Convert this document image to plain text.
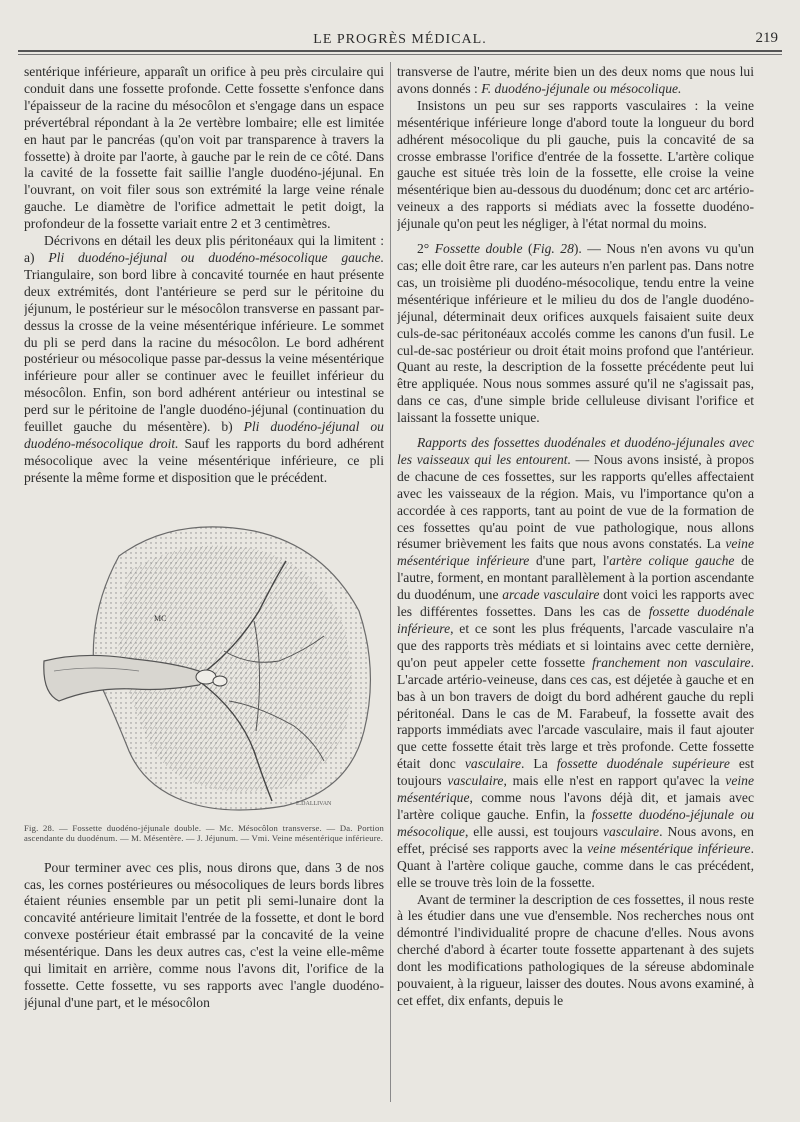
LE PROGRÈS MÉDICAL.	219

sentérique inférieure, apparaît un orifice à peu près circulaire qui conduit dans une fossette profonde. Cette fossette s'enfonce dans l'épaisseur de la racine du mésocôlon et s'engage dans un espace prévertébral répondant à la 2e vertèbre lombaire; elle est limitée en haut par le pancréas (qu'on voit par transparence à travers la fossette) à droite par l'aorte, à gauche par le rein de ce côté. Dans la cavité de la fossette fait saillie l'angle duodéno-jéjunal. En l'ouvrant, on voit filer sous son extrémité la large veine rénale gauche. Le diamètre de l'orifice admettait le petit doigt, la profondeur de la fossette variait entre 2 et 3 centimètres.

Décrivons en détail les deux plis péritonéaux qui la limitent : a) Pli duodéno-jéjunal ou duodéno-mésocolique gauche. Triangulaire, son bord libre à concavité tournée en haut présente deux extrémités, dont l'antérieure se perd sur le péritoine du jéjunum, le postérieur sur le mésocôlon transverse en passant par-dessus la crosse de la veine mésentérique inférieure. Le sommet du pli se perd dans la racine du mésocôlon. Le bord adhérent postérieur ou mésocolique passe par-dessus la veine mésentérique inférieure pour aller se continuer avec le feuillet inférieur du mésocôlon. Enfin, son bord adhérent antérieur ou intestinal se perd sur le péritoine de l'angle duodéno-jéjunal (continuation du feuillet gauche du mésentère). b) Pli duodéno-jéjunal ou duodéno-mésocolique droit. Sauf les rapports du bord adhérent mésocolique avec la veine mésentérique inférieure, ce pli présente la même forme et disposition que le précédent.

MC
E.DALLIVAN
Fig. 28. — Fossette duodéno-jéjunale double. — Mc. Mésocôlon transverse. — Da. Portion ascendante du duodénum. — M. Mésentère. — J. Jéjunum. — Vmi. Veine mésentérique inférieure.

Pour terminer avec ces plis, nous dirons que, dans 3 de nos cas, les cornes postérieures ou mésocoliques de leurs bords libres étaient réunies ensemble par un petit pli semi-lunaire dont la concavité antérieure limitait l'entrée de la fossette, et dont le bord convexe postérieur était embrassé par la concavité de la veine mésentérique. Dans les deux autres cas, c'est la veine elle-même qui limitait en arrière, comme nous l'avons dit, l'orifice de la fossette. Cette fossette, vu ses rapports avec l'angle duodéno-jéjunal d'une part, et le mésocôlon

transverse de l'autre, mérite bien un des deux noms que nous lui avons donnés : F. duodéno-jéjunale ou mésocolique.

Insistons un peu sur ses rapports vasculaires : la veine mésentérique inférieure longe d'abord toute la longueur du bord adhérent mésocolique du pli gauche, puis la concavité de sa crosse embrasse l'orifice d'entrée de la fossette. L'artère colique gauche est située très loin de la fossette, elle croise la veine mésentérique bien au-dessous du duodénum; donc cet arc artério-veineux a des rapports si médiats avec la fossette duodéno-jéjunale qu'on peut les négliger, à l'état normal du moins.

2° Fossette double (Fig. 28). — Nous n'en avons vu qu'un cas; elle doit être rare, car les auteurs n'en parlent pas. Dans notre cas, un troisième pli duodéno-mésocolique, tendu entre la veine mésentérique inférieure et le milieu du dos de l'angle duodéno-jéjunal, déterminait deux orifices auxquels faisaient suite deux culs-de-sac péritonéaux accolés comme les canons d'un fusil. Le cul-de-sac postérieur ou droit était moins profond que l'antérieur. Quant au reste, la description de la fossette précédente peut lui être appliquée. Nous nous sommes assuré qu'il ne s'agissait pas, dans ce cas, d'une simple bride celluleuse divisant l'orifice et laissant la fossette unique.

Rapports des fossettes duodénales et duodéno-jéjunales avec les vaisseaux qui les entourent. — Nous avons insisté, à propos de chacune de ces fossettes, sur les rapports qu'elles affectaient avec les vaisseaux de la région. Mais, vu l'importance qu'on a accordée à ces rapports, tant au point de vue de la formation de ces fossettes qu'au point de vue pathologique, nous allons résumer brièvement les faits que nous avons constatés. La veine mésentérique inférieure d'une part, l'artère colique gauche de l'autre, forment, en montant parallèlement à la portion ascendante du duodénum, une arcade vasculaire dont voici les rapports avec les différentes fossettes. Dans les cas de fossette duodénale inférieure, et ce sont les plus fréquents, l'arcade vasculaire n'a que des rapports très médiats et si lointains avec cette dernière, qu'on peut appeler cette fossette franchement non vasculaire. L'arcade artério-veineuse, dans ces cas, est déjetée à gauche et en bas à un bon travers de doigt du bord adhérent gauche du repli péritonéal. Dans le cas de M. Farabeuf, la fossette avait des rapports immédiats avec l'arcade vasculaire, mais il faut ajouter que cette fossette était très large et très profonde. Cette fossette était donc vasculaire. La fossette duodénale supérieure est toujours vasculaire, mais elle n'est en rapport qu'avec la veine mésentérique, comme nous l'avons déjà dit, et jamais avec l'artère colique gauche. Enfin, la fossette duodéno-jéjunale ou mésocolique, elle aussi, est toujours vasculaire. Nous avons, en effet, précisé ses rapports avec la veine mésentérique inférieure. Quant à l'artère colique gauche, comme dans le cas précédent, elle se trouve très loin de la fossette.

Avant de terminer la description de ces fossettes, il nous reste à les étudier dans une vue d'ensemble. Nos recherches nous ont démontré l'individualité propre de chacune d'elles. Nous avons cherché d'abord à écarter toute fossette appartenant à des sujets dont les modifications pathologiques de la séreuse abdominale pouvaient, à la rigueur, laisser des doutes. Nous avons examiné, à cet effet, dix enfants, depuis le
